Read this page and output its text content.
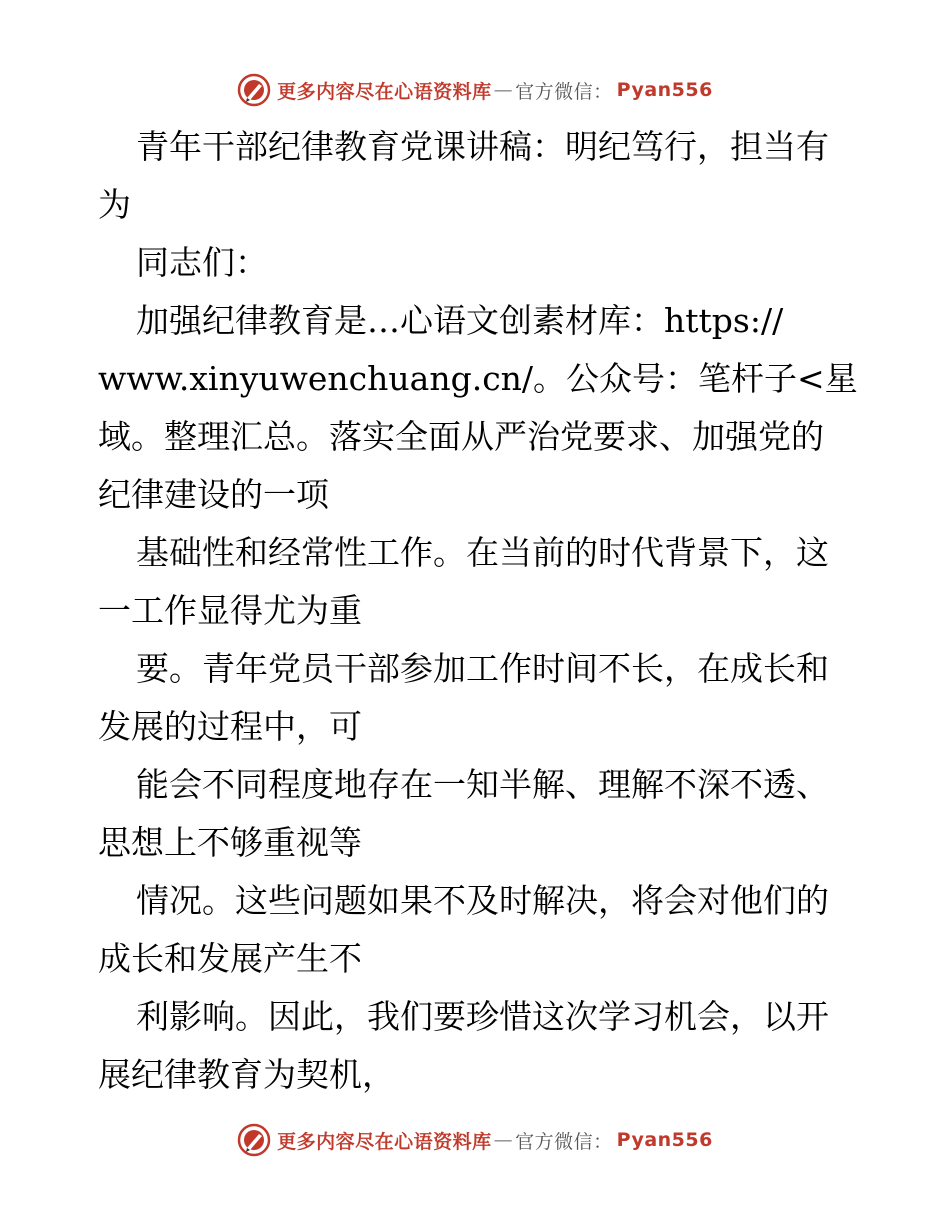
更多内容尽在心语资料库 — 官方微信： Pyan556
青年干部纪律教育党课讲稿：明纪笃行，担当有
为
同志们：
加强纪律教育是…心语文创素材库：https://
www.xinyuwenchuang.cn/。公众号：笔杆子<星
域。整理汇总。落实全面从严治党要求、加强党的
纪律建设的一项
基础性和经常性工作。在当前的时代背景下，这
一工作显得尤为重
要。青年党员干部参加工作时间不长，在成长和
发展的过程中，可
能会不同程度地存在一知半解、理解不深不透、
思想上不够重视等
情况。这些问题如果不及时解决，将会对他们的
成长和发展产生不
利影响。因此，我们要珍惜这次学习机会，以开
展纪律教育为契机，
更多内容尽在心语资料库 — 官方微信： Pyan556
